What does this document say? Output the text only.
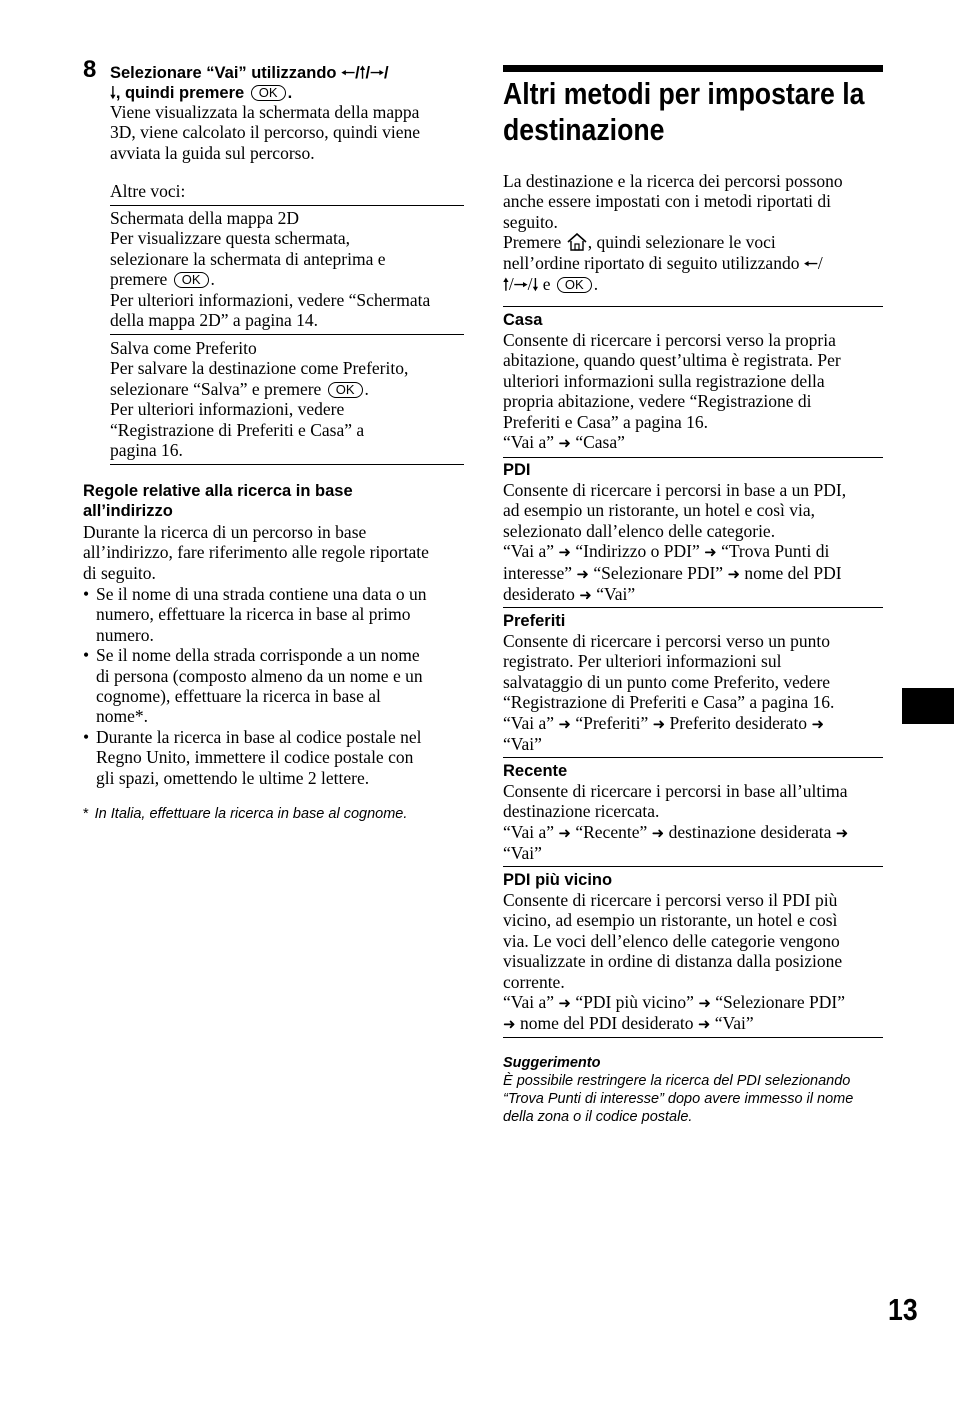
8 Selezionare “Vai” utilizzando 🠐/🠑/🠒/
🠓, quindi premere OK .
Viene visualizzata la schermata della mappa
3D, viene calcolato il percorso, quindi viene
avviata la guida sul percorso.
Altre voci:
Schermata della mappa 2D
Per visualizzare questa schermata,
selezionare la schermata di anteprima e
premere OK .
Per ulteriori informazioni, vedere “Schermata
della mappa 2D” a pagina 14.
Salva come Preferito
Per salvare la destinazione come Preferito,
selezionare “Salva” e premere OK .
Per ulteriori informazioni, vedere
“Registrazione di Preferiti e Casa” a
pagina 16.
Regole relative alla ricerca in base
all’indirizzo
Durante la ricerca di un percorso in base
all’indirizzo, fare riferimento alle regole riportate
di seguito.
• Se il nome di una strada contiene una data o un
numero, effettuare la ricerca in base al primo
numero.
• Se il nome della strada corrisponde a un nome
di persona (composto almeno da un nome e un
cognome), effettuare la ricerca in base al
nome*.
• Durante la ricerca in base al codice postale nel
Regno Unito, immettere il codice postale con
gli spazi, omettendo le ultime 2 lettere.
* In Italia, effettuare la ricerca in base al cognome.
Altri metodi per impostare la
destinazione
La destinazione e la ricerca dei percorsi possono
anche essere impostati con i metodi riportati di
seguito.
Premere , quindi selezionare le voci
nell’ordine riportato di seguito utilizzando 🠐/
🠑/🠒/🠓 e OK .
Casa
Consente di ricercare i percorsi verso la propria
abitazione, quando quest’ultima è registrata. Per
ulteriori informazioni sulla registrazione della
propria abitazione, vedere “Registrazione di
Preferiti e Casa” a pagina 16.
“Vai a” ➜ “Casa”
PDI
Consente di ricercare i percorsi in base a un PDI,
ad esempio un ristorante, un hotel e così via,
selezionato dall’elenco delle categorie.
“Vai a” ➜ “Indirizzo o PDI” ➜ “Trova Punti di
interesse” ➜ “Selezionare PDI” ➜ nome del PDI
desiderato ➜ “Vai”
Preferiti
Consente di ricercare i percorsi verso un punto
registrato. Per ulteriori informazioni sul
salvataggio di un punto come Preferito, vedere
“Registrazione di Preferiti e Casa” a pagina 16.
“Vai a” ➜ “Preferiti” ➜ Preferito desiderato ➜
“Vai”
Recente
Consente di ricercare i percorsi in base all’ultima
destinazione ricercata.
“Vai a” ➜ “Recente” ➜ destinazione desiderata ➜
“Vai”
PDI più vicino
Consente di ricercare i percorsi verso il PDI più
vicino, ad esempio un ristorante, un hotel e così
via. Le voci dell’elenco delle categorie vengono
visualizzate in ordine di distanza dalla posizione
corrente.
“Vai a” ➜ “PDI più vicino” ➜ “Selezionare PDI”
➜ nome del PDI desiderato ➜ “Vai”
Suggerimento
È possibile restringere la ricerca del PDI selezionando
“Trova Punti di interesse” dopo avere immesso il nome
della zona o il codice postale.
13
